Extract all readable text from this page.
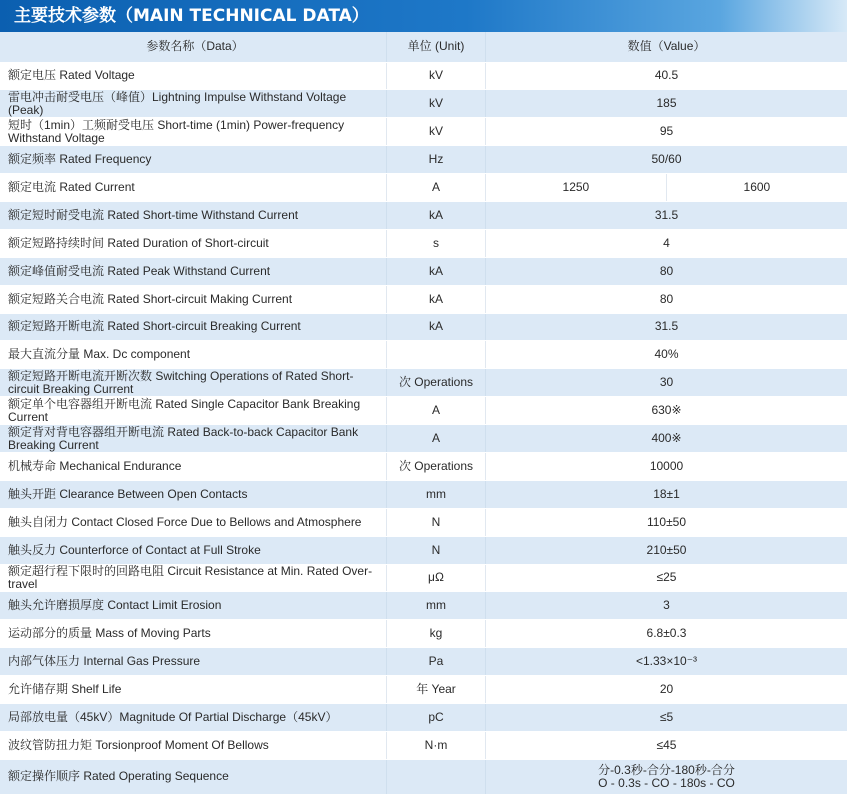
主要技术参数（MAIN TECHNICAL DATA）
参数名称（Data）	单位 (Unit)	数值（Value）	
额定电压 Rated Voltage	kV	40.5	
雷电冲击耐受电压（峰值）Lightning Impulse Withstand Voltage (Peak)	kV	185	
短时（1min）工频耐受电压 Short-time (1min) Power-frequency Withstand Voltage	kV	95	
额定频率 Rated Frequency	Hz	50/60	
额定电流 Rated Current	A	1250	1600
额定短时耐受电流 Rated Short-time Withstand Current	kA	31.5	
额定短路持续时间 Rated Duration of Short-circuit	s	4	
额定峰值耐受电流 Rated Peak Withstand Current	kA	80	
额定短路关合电流 Rated Short-circuit Making Current	kA	80	
额定短路开断电流 Rated Short-circuit Breaking Current	kA	31.5	
最大直流分量 Max. Dc component		40%	
额定短路开断电流开断次数 Switching Operations of Rated Short-circuit Breaking Current	次 Operations	30	
额定单个电容器组开断电流 Rated Single Capacitor Bank Breaking Current	A	630※	
额定背对背电容器组开断电流 Rated Back-to-back Capacitor Bank Breaking Current	A	400※	
机械寿命 Mechanical Endurance	次 Operations	10000	
触头开距 Clearance Between Open Contacts	mm	18±1	
触头自闭力 Contact Closed Force Due to Bellows and Atmosphere	N	110±50	
触头反力 Counterforce of Contact at Full Stroke	N	210±50	
额定超行程下限时的回路电阻 Circuit Resistance at Min. Rated Over-travel	μΩ	≤25	
触头允许磨损厚度 Contact Limit Erosion	mm	3	
运动部分的质量 Mass of Moving Parts	kg	6.8±0.3	
内部气体压力 Internal Gas Pressure	Pa	<1.33×10⁻³	
允许储存期 Shelf Life	年 Year	20	
局部放电量（45kV）Magnitude Of Partial Discharge（45kV）	pC	≤5	
波纹管防扭力矩 Torsionproof Moment Of Bellows	N·m	≤45	
额定操作顺序 Rated Operating Sequence		分-0.3秒-合分-180秒-合分
O - 0.3s - CO - 180s - CO	
